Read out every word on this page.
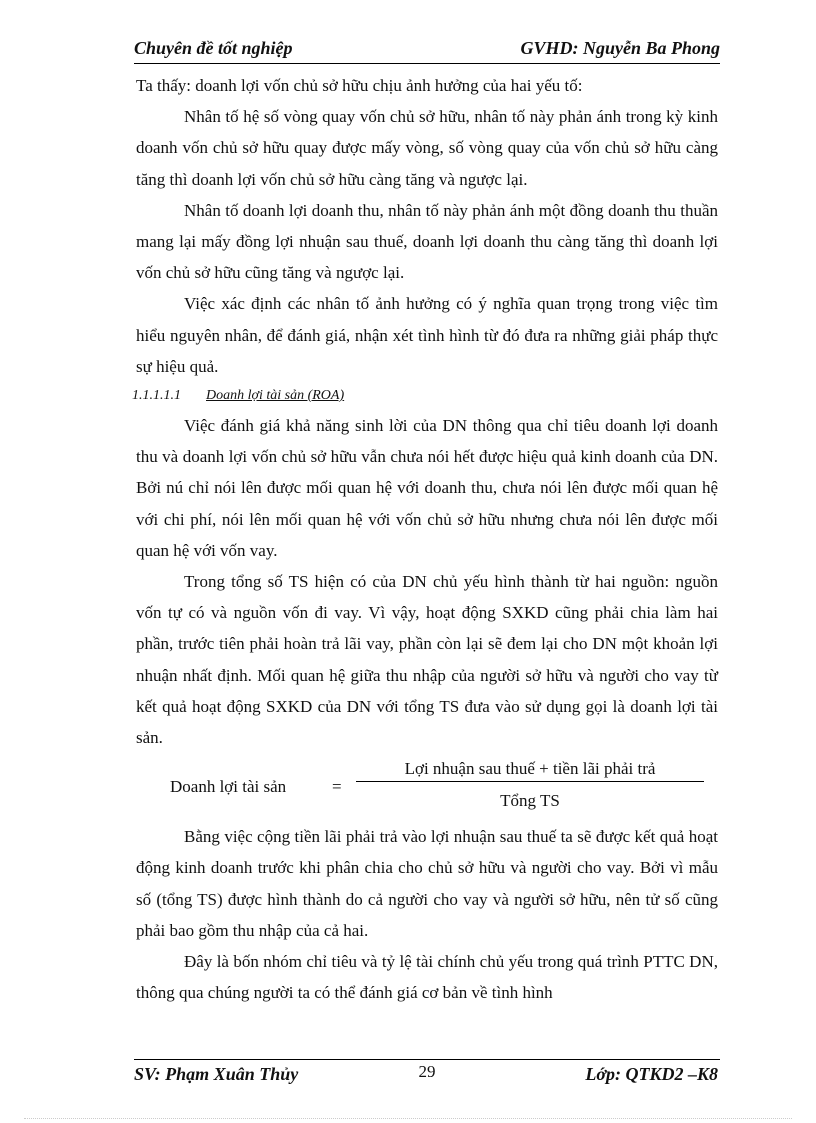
Chuyên đề tốt nghiệp	GVHD: Nguyễn Ba Phong

Ta thấy: doanh lợi vốn chủ sở hữu chịu ảnh hưởng của hai yếu tố:

Nhân tố hệ số vòng quay vốn chủ sở hữu, nhân tố này phản ánh trong kỳ kinh doanh vốn chủ sở hữu quay được mấy vòng, số vòng quay của vốn chủ sở hữu càng tăng thì doanh lợi vốn chủ sở hữu càng tăng và ngược lại.

Nhân tố doanh lợi doanh thu, nhân tố này phản ánh một đồng doanh thu thuần mang lại mấy đồng lợi nhuận sau thuế, doanh lợi doanh thu càng tăng thì doanh lợi vốn chủ sở hữu cũng tăng và ngược lại.

Việc xác định các nhân tố ảnh hưởng có ý nghĩa quan trọng trong việc tìm hiểu nguyên nhân, để đánh giá, nhận xét tình hình từ đó đưa ra những giải pháp thực sự hiệu quả.

1.1.1.1.1 Doanh lợi tài sản (ROA)

Việc đánh giá khả năng sinh lời của DN thông qua chỉ tiêu doanh lợi doanh thu và doanh lợi vốn chủ sở hữu vẫn chưa nói hết được hiệu quả kinh doanh của DN. Bởi nú chỉ nói lên được mối quan hệ với doanh thu, chưa nói lên được mối quan hệ với chi phí, nói lên mối quan hệ với vốn chủ sở hữu nhưng chưa nói lên được mối quan hệ với vốn vay.

Trong tổng số TS hiện có của DN chủ yếu hình thành từ hai nguồn: nguồn vốn tự có và nguồn vốn đi vay. Vì vậy, hoạt động SXKD cũng phải chia làm hai phần, trước tiên phải hoàn trả lãi vay, phần còn lại sẽ đem lại cho DN một khoản lợi nhuận nhất định. Mối quan hệ giữa thu nhập của người sở hữu và người cho vay từ kết quả hoạt động SXKD của DN với tổng TS đưa vào sử dụng gọi là doanh lợi tài sản.

Doanh lợi tài sản	=
Lợi nhuận sau thuế + tiền lãi phải trả
Tổng TS

Bằng việc cộng tiền lãi phải trả vào lợi nhuận sau thuế ta sẽ được kết quả hoạt động kinh doanh trước khi phân chia cho chủ sở hữu và người cho vay. Bởi vì mẫu số (tổng TS) được hình thành do cả người cho vay và người sở hữu, nên tử số cũng phải bao gồm thu nhập của cả hai.

Đây là bốn nhóm chỉ tiêu và tỷ lệ tài chính chủ yếu trong quá trình PTTC DN, thông qua chúng người ta có thể đánh giá cơ bản về tình hình

SV: Phạm Xuân Thủy	29	Lớp: QTKD2 –K8
